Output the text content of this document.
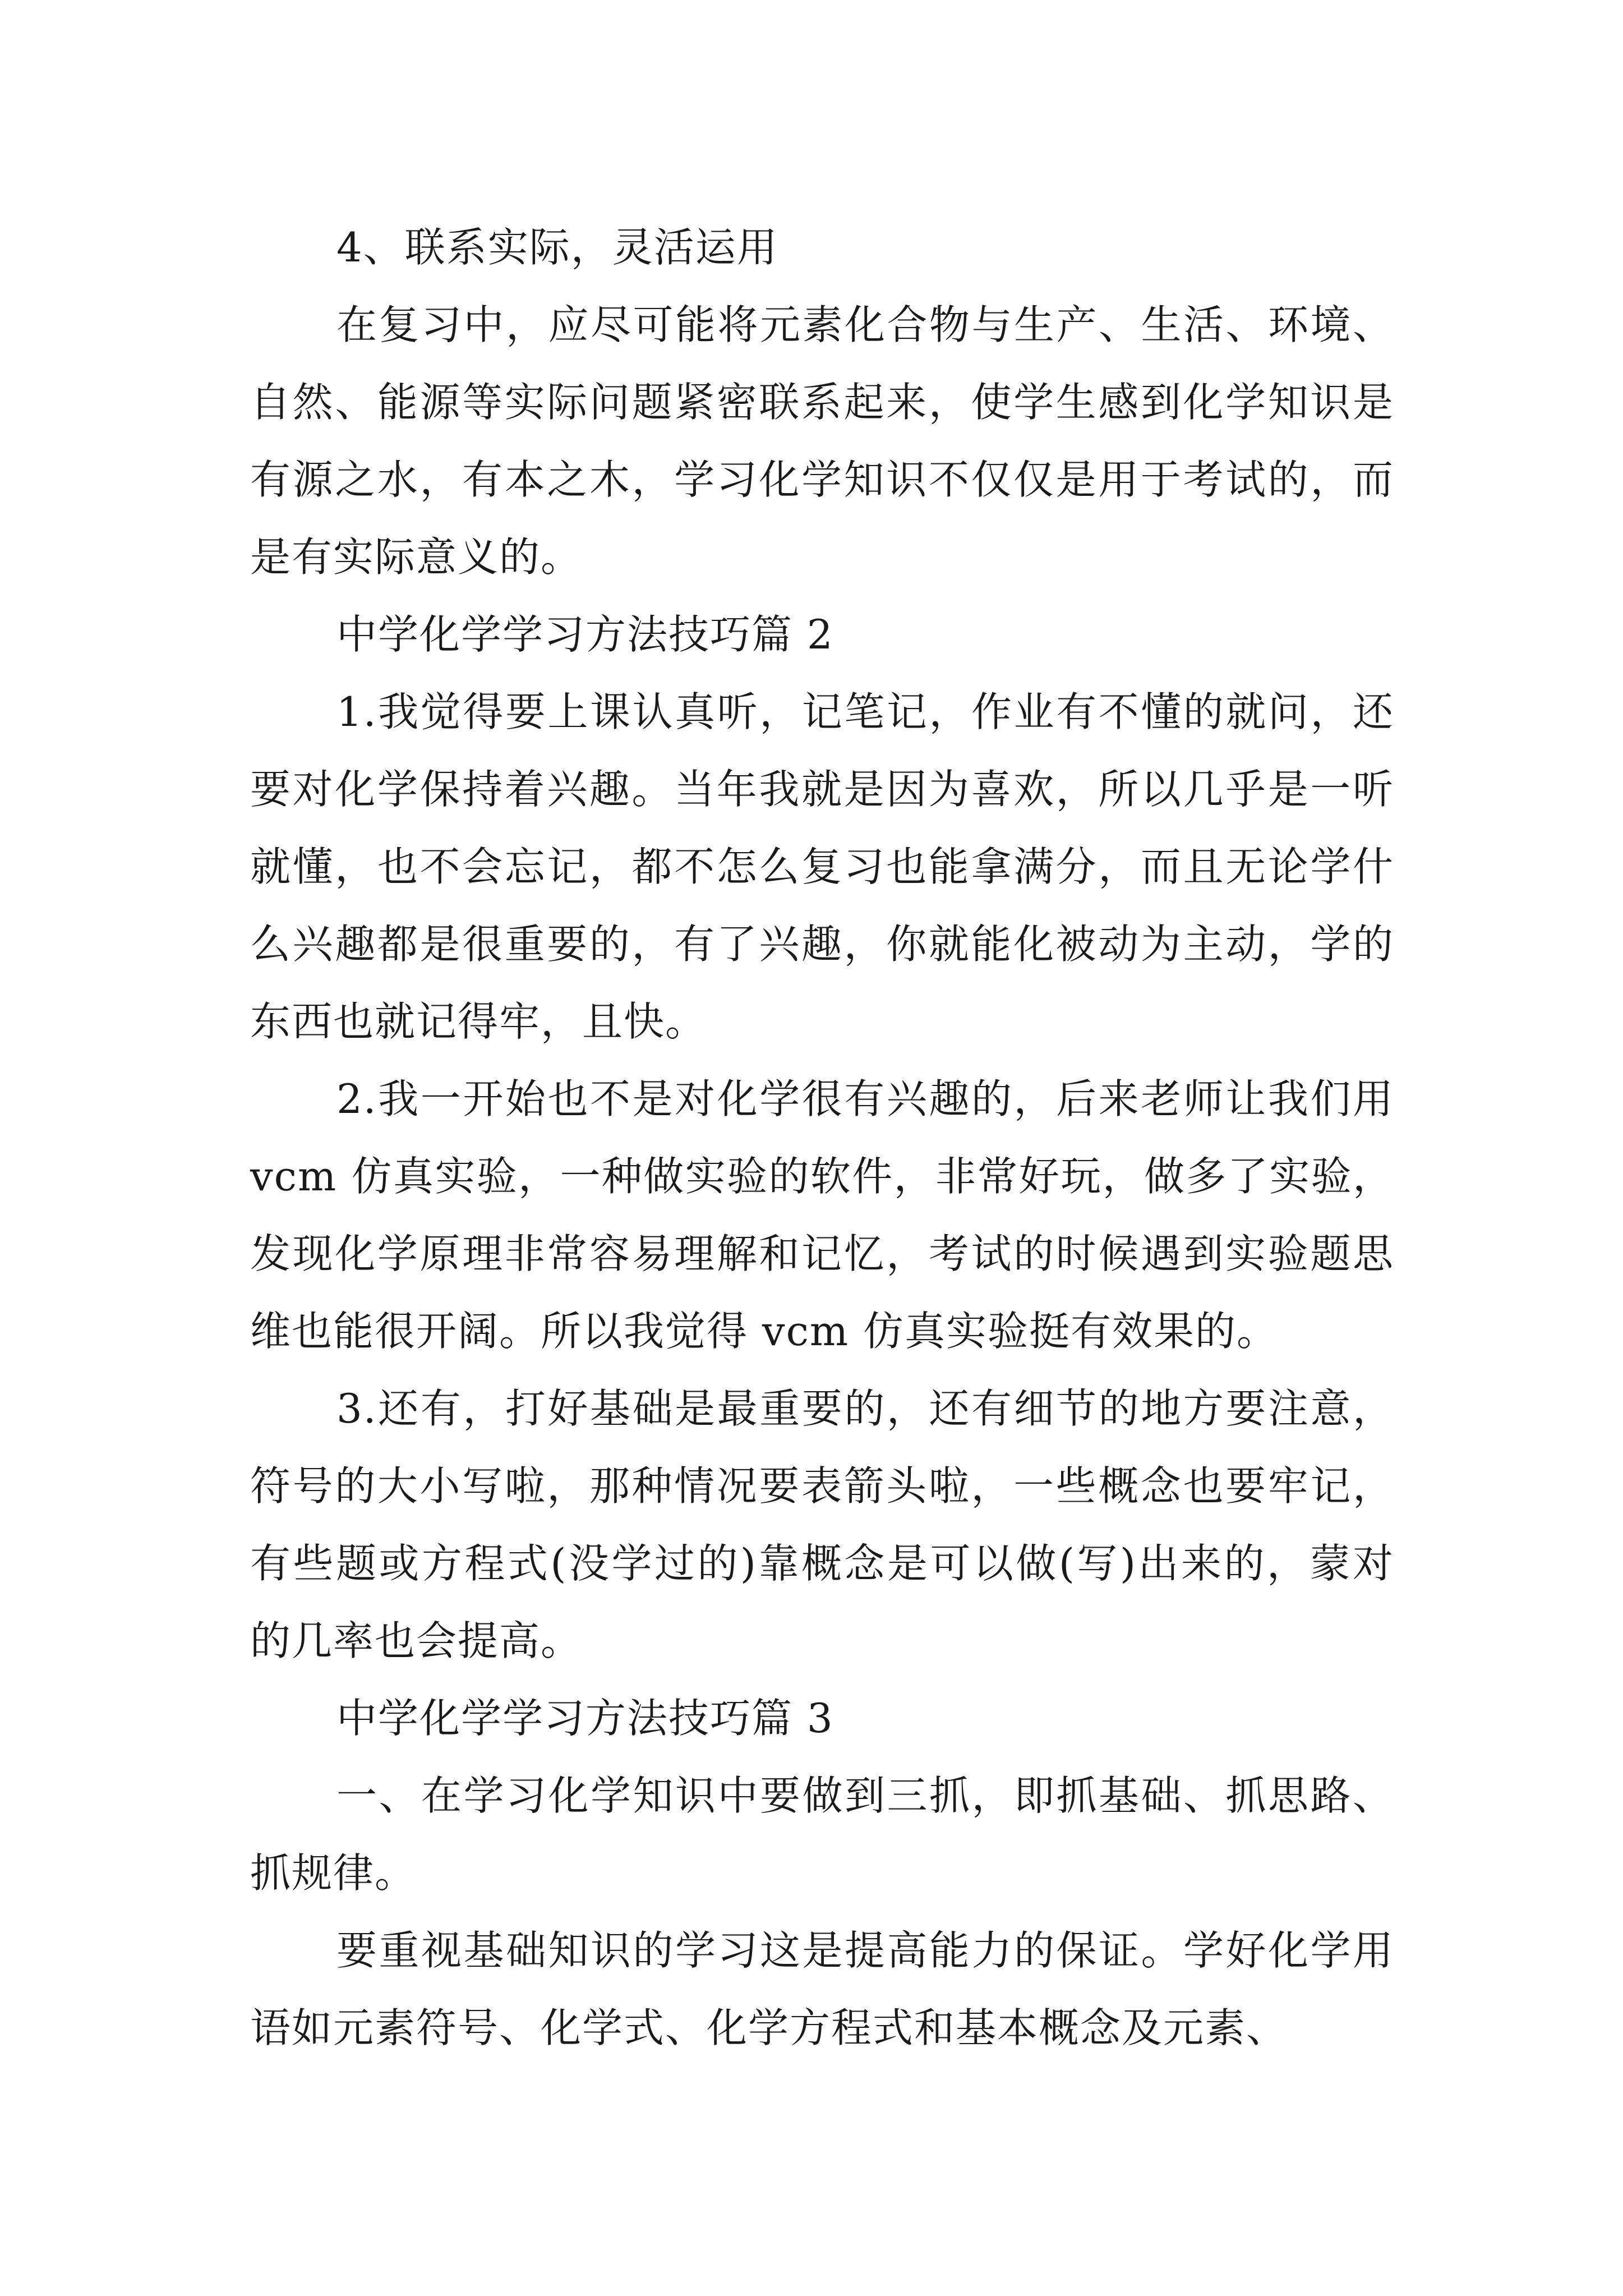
4、联系实际，灵活运用

在复习中，应尽可能将元素化合物与生产、生活、环境、自然、能源等实际问题紧密联系起来，使学生感到化学知识是有源之水，有本之木，学习化学知识不仅仅是用于考试的，而是有实际意义的。

中学化学学习方法技巧篇 2

1.我觉得要上课认真听，记笔记，作业有不懂的就问，还要对化学保持着兴趣。当年我就是因为喜欢，所以几乎是一听就懂，也不会忘记，都不怎么复习也能拿满分，而且无论学什么兴趣都是很重要的，有了兴趣，你就能化被动为主动，学的东西也就记得牢，且快。

2.我一开始也不是对化学很有兴趣的，后来老师让我们用 vcm 仿真实验，一种做实验的软件，非常好玩，做多了实验，发现化学原理非常容易理解和记忆，考试的时候遇到实验题思维也能很开阔。所以我觉得 vcm 仿真实验挺有效果的。

3.还有，打好基础是最重要的，还有细节的地方要注意，符号的大小写啦，那种情况要表箭头啦，一些概念也要牢记，有些题或方程式(没学过的)靠概念是可以做(写)出来的，蒙对的几率也会提高。

中学化学学习方法技巧篇 3

一、在学习化学知识中要做到三抓，即抓基础、抓思路、抓规律。

要重视基础知识的学习这是提高能力的保证。学好化学用语如元素符号、化学式、化学方程式和基本概念及元素、
